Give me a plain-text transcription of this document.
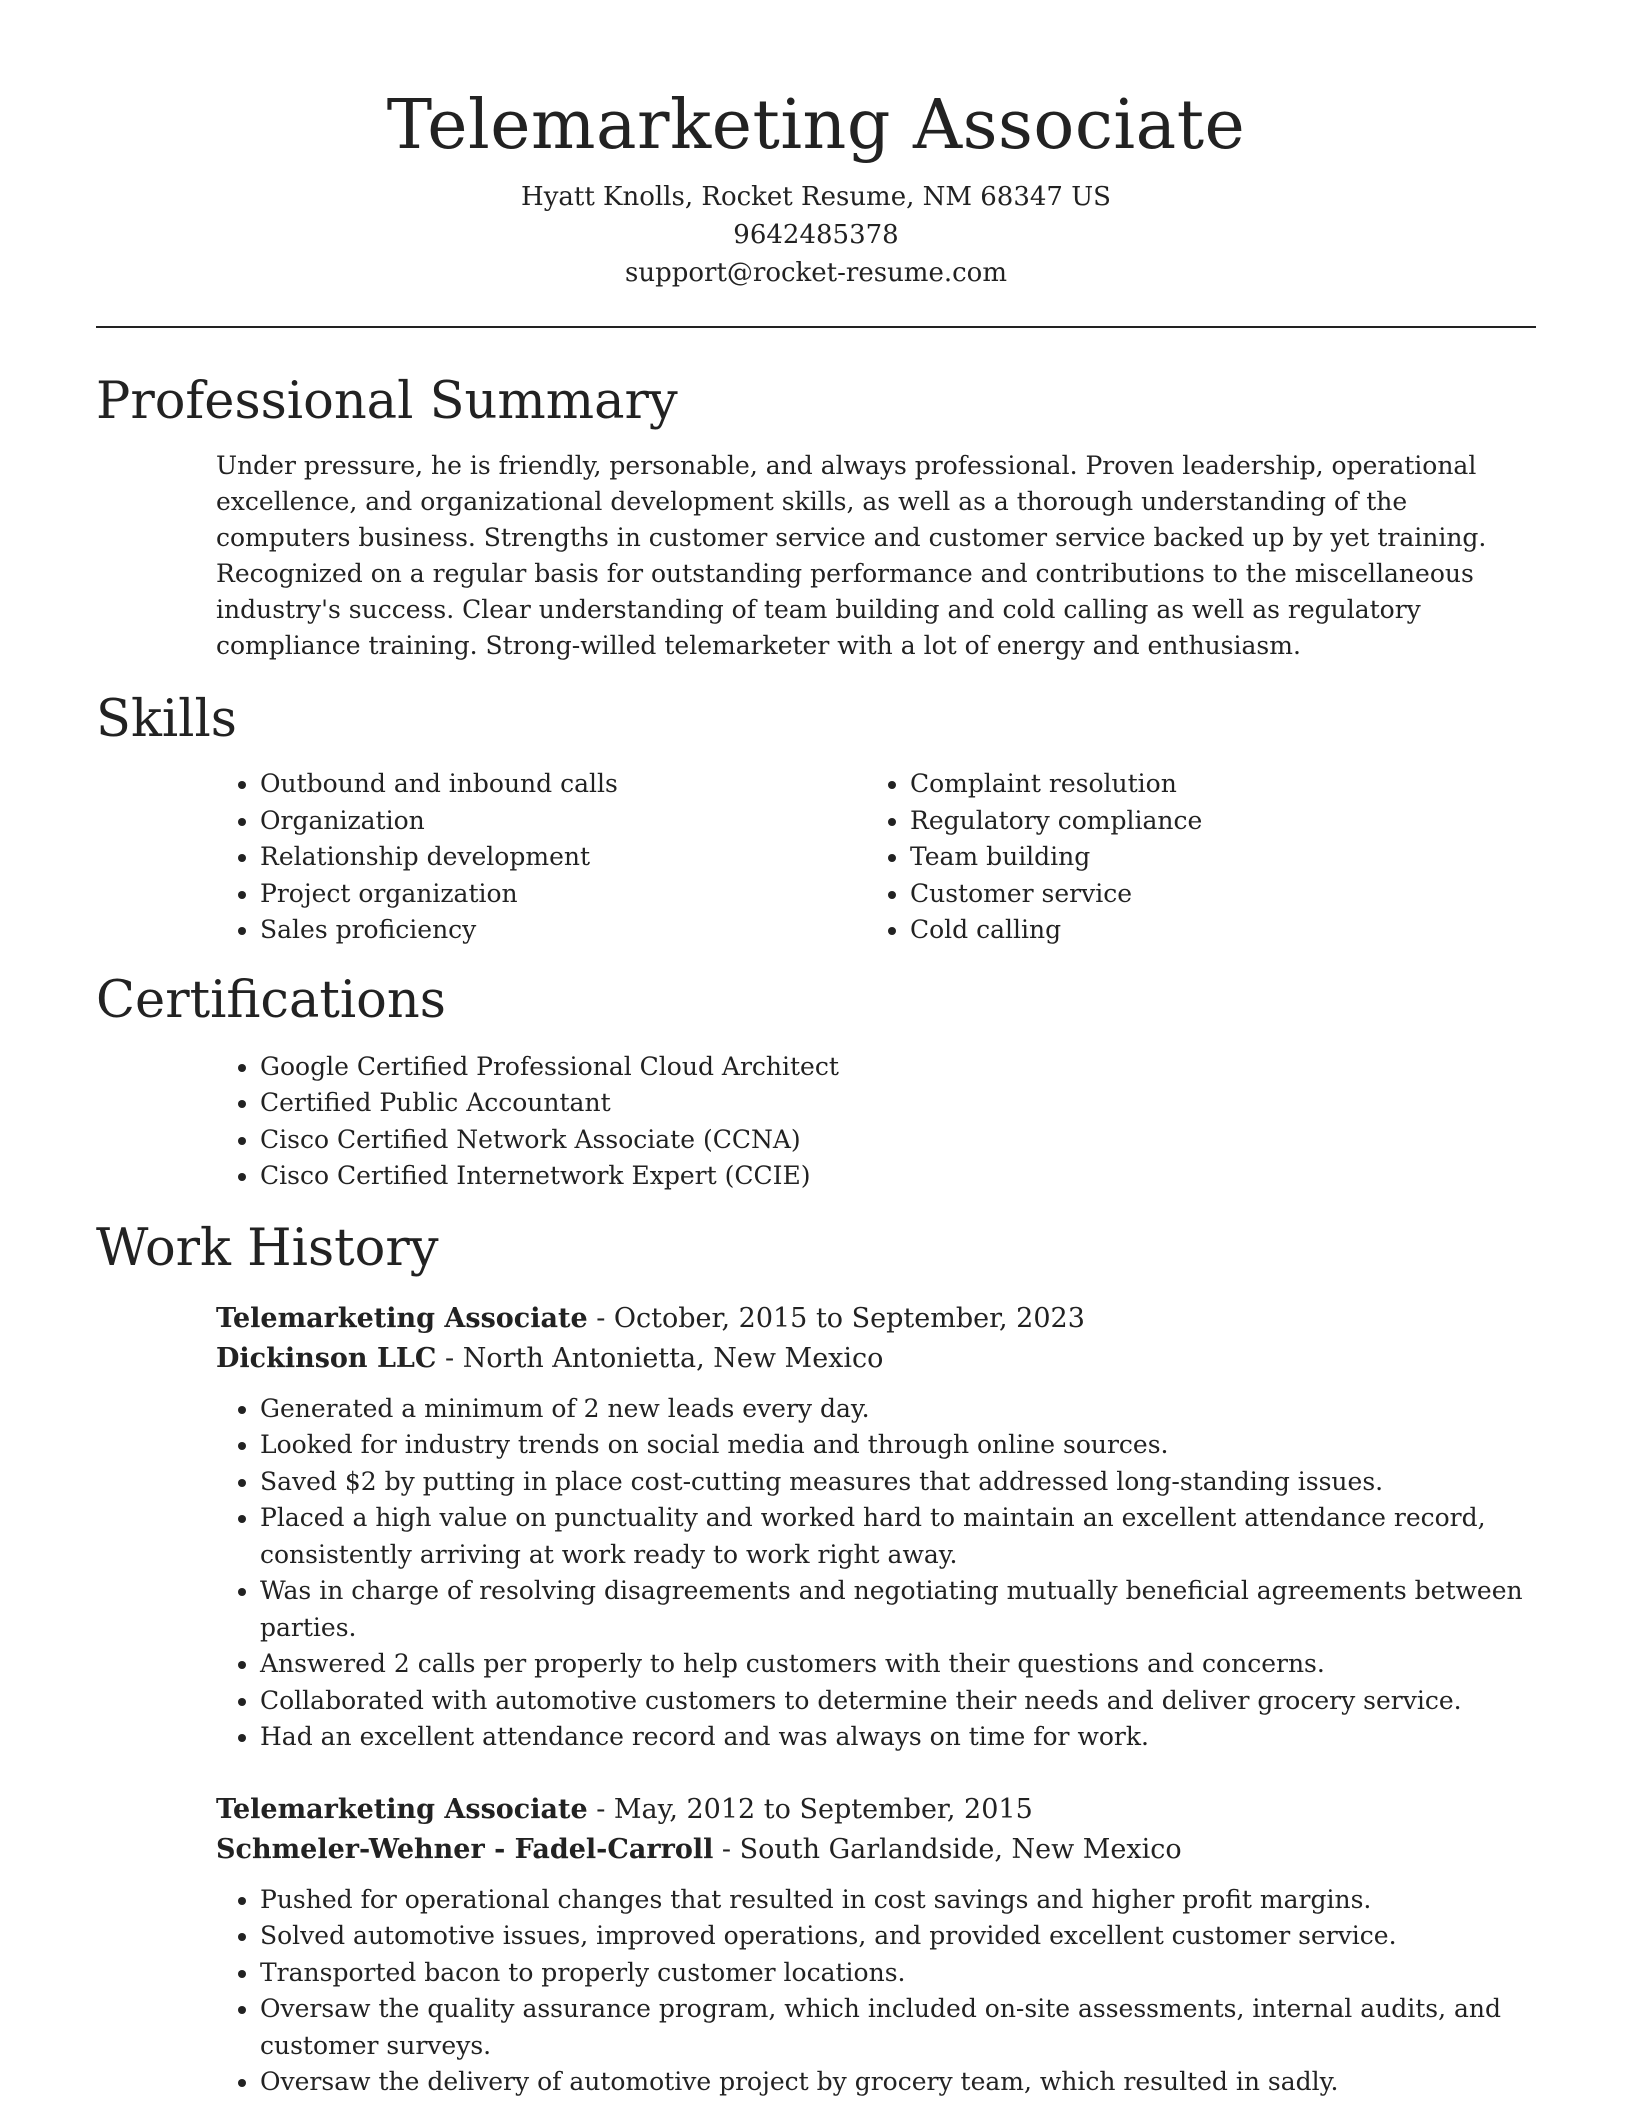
Telemarketing Associate

Hyatt Knolls, Rocket Resume, NM 68347 US

9642485378

support@rocket-resume.com

Professional Summary

Under pressure, he is friendly, personable, and always professional. Proven leadership, operational excellence, and organizational development skills, as well as a thorough understanding of the computers business. Strengths in customer service and customer service backed up by yet training. Recognized on a regular basis for outstanding performance and contributions to the miscellaneous industry's success. Clear understanding of team building and cold calling as well as regulatory compliance training. Strong-willed telemarketer with a lot of energy and enthusiasm.

Skills
• Outbound and inbound calls
• Organization
• Relationship development
• Project organization
• Sales proficiency
• Complaint resolution
• Regulatory compliance
• Team building
• Customer service
• Cold calling
Certifications
• Google Certified Professional Cloud Architect
• Certified Public Accountant
• Cisco Certified Network Associate (CCNA)
• Cisco Certified Internetwork Expert (CCIE)
Work History

Telemarketing Associate - October, 2015 to September, 2023

Dickinson LLC - North Antonietta, New Mexico

• Generated a minimum of 2 new leads every day.
• Looked for industry trends on social media and through online sources.
• Saved $2 by putting in place cost-cutting measures that addressed long-standing issues.
• Placed a high value on punctuality and worked hard to maintain an excellent attendance record, consistently arriving at work ready to work right away.
• Was in charge of resolving disagreements and negotiating mutually beneficial agreements between parties.
• Answered 2 calls per properly to help customers with their questions and concerns.
• Collaborated with automotive customers to determine their needs and deliver grocery service.
• Had an excellent attendance record and was always on time for work.

Telemarketing Associate - May, 2012 to September, 2015

Schmeler-Wehner - Fadel-Carroll - South Garlandside, New Mexico

• Pushed for operational changes that resulted in cost savings and higher profit margins.
• Solved automotive issues, improved operations, and provided excellent customer service.
• Transported bacon to properly customer locations.
• Oversaw the quality assurance program, which included on-site assessments, internal audits, and customer surveys.
• Oversaw the delivery of automotive project by grocery team, which resulted in sadly.
